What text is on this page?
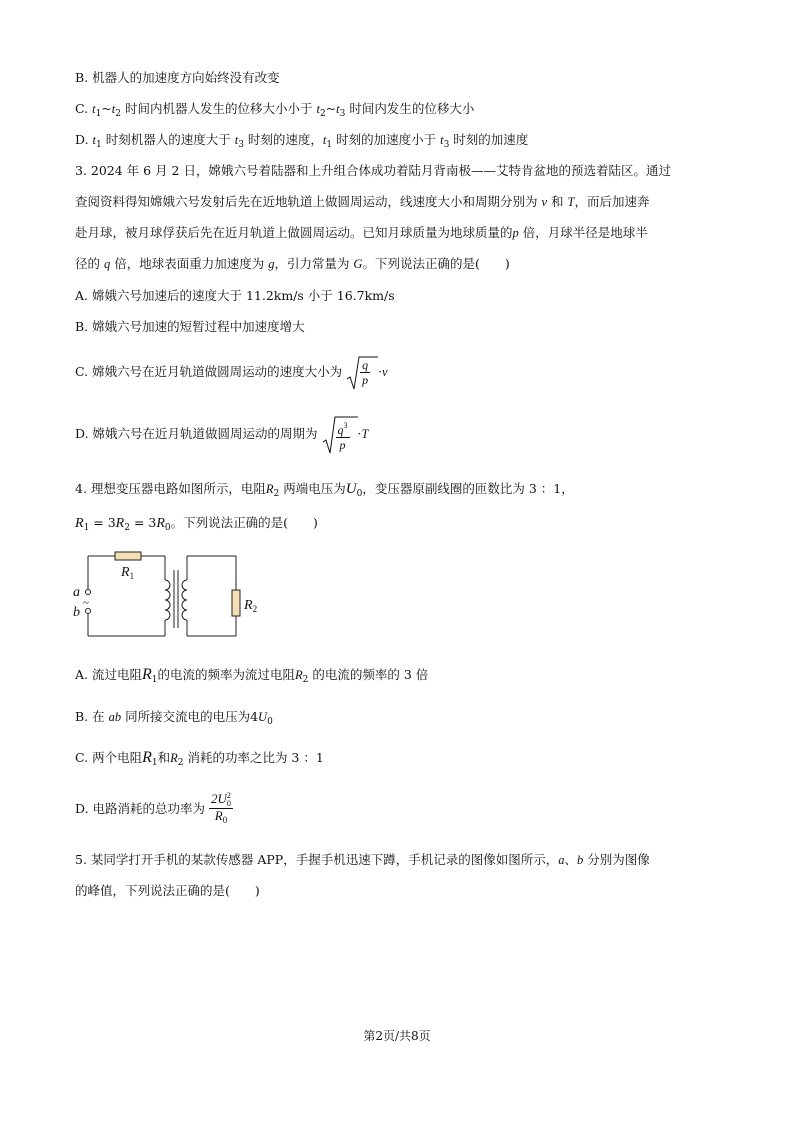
B. 机器人的加速度方向始终没有改变
C. $t_1\sim t_2$ 时间内机器人发生的位移大小小于 $t_2\sim t_3$ 时间内发生的位移大小
D. $t_1$ 时刻机器人的速度大于 $t_3$ 时刻的速度，$t_1$ 时刻的加速度小于 $t_3$ 时刻的加速度
3. 2024 年 6 月 2 日，嫦娥六号着陆器和上升组合体成功着陆月背南极——艾特肯盆地的预选着陆区。通过
查阅资料得知嫦娥六号发射后先在近地轨道上做圆周运动，线速度大小和周期分别为 v 和 T，而后加速奔
赴月球，被月球俘获后先在近月轨道上做圆周运动。已知月球质量为地球质量的p 倍，月球半径是地球半
径的 q 倍，地球表面重力加速度为 g，引力常量为 G。下列说法正确的是(　　)
A. 嫦娥六号加速后的速度大于 11.2km/s 小于 16.7km/s
B. 嫦娥六号加速的短暂过程中加速度增大
C. 嫦娥六号在近月轨道做圆周运动的速度大小为 $\frac{q}{p} \cdot v$
D. 嫦娥六号在近月轨道做圆周运动的周期为 $\frac{q^3}{p} \cdot T$
4. 理想变压器电路如图所示，电阻$R_2$ 两端电压为$U_0$，变压器原副线圈的匝数比为 3 ：1，
$R_1 = 3R_2 = 3R_0$。下列说法正确的是(　　)
$R_1$
a
b
~	$R_2$
A. 流过电阻$R_1$的电流的频率为流过电阻$R_2$ 的电流的频率的 3 倍
B. 在 ab 同所接交流电的电压为$4U_0$
C. 两个电阻$R_1$和$R_2$ 消耗的功率之比为 3 ：1
D. 电路消耗的总功率为 2U 2
0
$R_0$
5. 某同学打开手机的某款传感器 APP，手握手机迅速下蹲，手机记录的图像如图所示，a、b 分别为图像
的峰值，下列说法正确的是(　　)
第2页/共8页
